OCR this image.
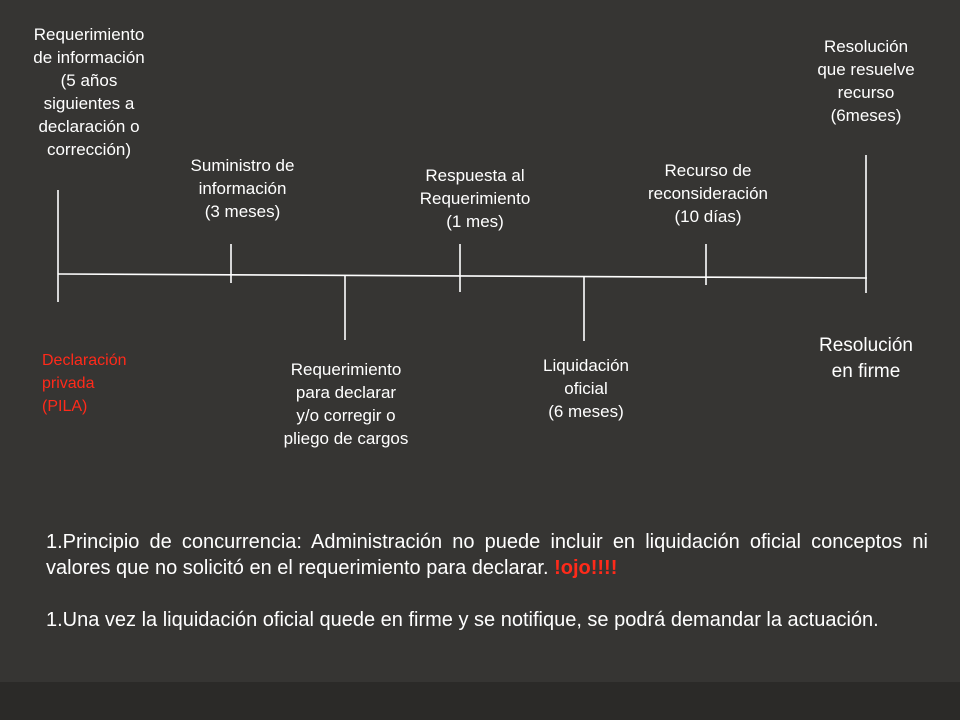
Requerimiento
de información
(5 años
siguientes a
declaración o
corrección)
Declaración
privada
(PILA)
Suministro de
información
(3 meses)
Requerimiento
para declarar
y/o corregir o
pliego de cargos
Respuesta al
Requerimiento
(1 mes)
Liquidación
oficial
(6 meses)
Recurso de
reconsideración
(10 días)
Resolución
que resuelve
recurso
(6meses)
Resolución
en firme

1.Principio de concurrencia: Administración no puede incluir en liquidación oficial conceptos ni valores que no solicitó en el requerimiento para declarar. !ojo!!!!

1.Una vez la liquidación oficial quede en firme y se notifique, se podrá demandar la actuación.
